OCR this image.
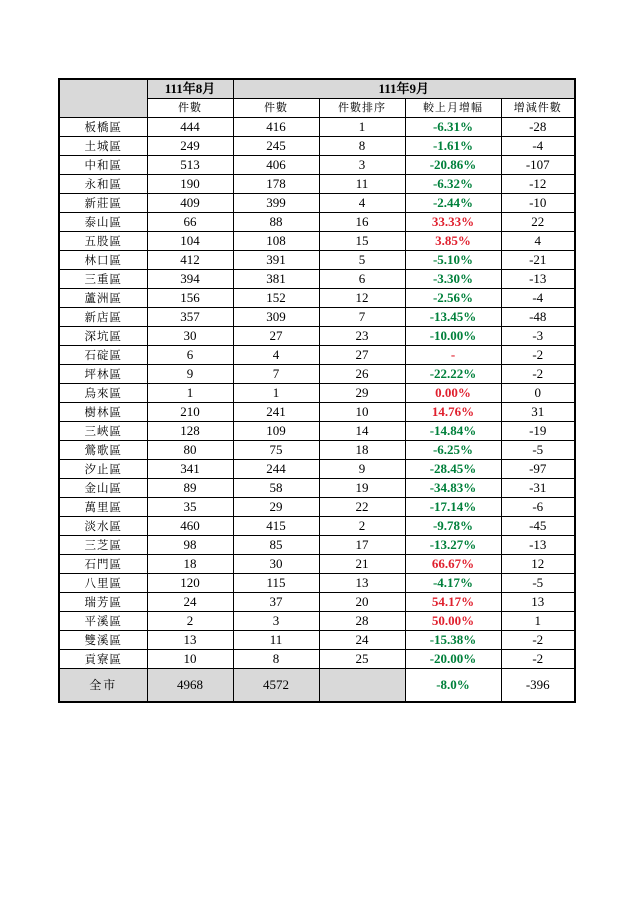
	111年8月	111年9月			
	件數	件數	件數排序	較上月增幅	增減件數
板橋區	444	416	1	-6.31%	-28
土城區	249	245	8	-1.61%	-4
中和區	513	406	3	-20.86%	-107
永和區	190	178	11	-6.32%	-12
新莊區	409	399	4	-2.44%	-10
泰山區	66	88	16	33.33%	22
五股區	104	108	15	3.85%	4
林口區	412	391	5	-5.10%	-21
三重區	394	381	6	-3.30%	-13
蘆洲區	156	152	12	-2.56%	-4
新店區	357	309	7	-13.45%	-48
深坑區	30	27	23	-10.00%	-3
石碇區	6	4	27	-	-2
坪林區	9	7	26	-22.22%	-2
烏來區	1	1	29	0.00%	0
樹林區	210	241	10	14.76%	31
三峽區	128	109	14	-14.84%	-19
鶯歌區	80	75	18	-6.25%	-5
汐止區	341	244	9	-28.45%	-97
金山區	89	58	19	-34.83%	-31
萬里區	35	29	22	-17.14%	-6
淡水區	460	415	2	-9.78%	-45
三芝區	98	85	17	-13.27%	-13
石門區	18	30	21	66.67%	12
八里區	120	115	13	-4.17%	-5
瑞芳區	24	37	20	54.17%	13
平溪區	2	3	28	50.00%	1
雙溪區	13	11	24	-15.38%	-2
貢寮區	10	8	25	-20.00%	-2
全市	4968	4572		-8.0%	-396
